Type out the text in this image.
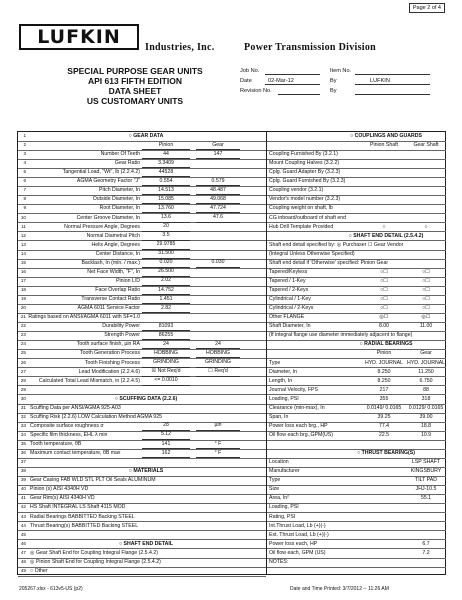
Page 2 of 4
LUFKIN Industries, Inc.	Power Transmission Division
SPECIAL PURPOSE GEAR UNITS
API 613 FIFTH EDITION
DATA SHEET
US CUSTOMARY UNITS
Job No.	Item No.
Date	02-Mar-12	By	LUFKIN
Revision No.	By
1	○ GEAR DATA
2	Pinion	Gear
3	Number Of Teeth	44	147
4	Gear Ratio	3.3409
5	Tangential Load, "Wt", lb (2.2.4.2)	44528
6	AGMA Geometry Factor "J"	0.554	0.579
7	Pitch Diameter, In	14.513	48.487
8	Outside Diameter, In	15.085	49.068
9	Root Diameter, In	13.760	47.724
10	Center Groove Diameter, In	13.6	47.6
11	Normal Pressure Angle, Degrees	20
12	Normal Diametral Pitch	3.5
13	Helix Angle, Degrees	29.9785
14	Center Distance, In	31.500
15	Backlash, In (min. / max.)	0.020	0.030
16	Net Face Width, "F", In	26.500
17	Pinion L/D	2.02
18	Face Overlap Ratio	14.752
19	Transverse Contact Ratio	1.451
20	AGMA 6011 Service Factor	2.82
21 Ratings based on ANSI/AGMA 6011 with SF=1.0
22	Durability Power	81093
23	Strength Power	86255
24	Tooth surface finish, µin RA	24	24
25	Tooth Generation Process	HOBBING	HOBBING
26	Tooth Finishing Process	GRINDING	GRINDING
27	Lead Modification (2.2.4.6)	☒ Not Req'd	☐ Req'd
28	Calculated Total Lead Mismatch, in (2.2.4.5)	<= 0.0010
29
30	○ SCUFFING DATA (2.2.6)
31 Scuffing Data per ANSI/AGMA 925-A03
32 Scuffing Risk (2.2.6) LOW Calculation Method AGMA 925
33 Composite surface roughness σ	28	µin
34 Specific film thickness, EHL λ min	5.12
35 Tooth temperature, θB	141	° F
36 Maximum contact temperature, θB max	162	° F
37
38	○ MATERIALS
39 Gear Casing FAB WLD STL PLT Oil Seals ALUMINUM
40 Pinion (s) AISI 4340H VD
41 Gear Rim(s) AISI 4340H VD
42 HS Shaft INTEGRAL LS Shaft 4115 MOD
43 Radial Bearings BABBITTED Backing STEEL
44 Thrust Bearing(s) BABBITTED Backing STEEL
45
46	○ SHAFT END DETAIL
47 ◎ Gear Shaft End for Coupling Integral Flange (2.5.4.2)
48 ◎ Pinion Shaft End for Coupling Integral Flange (2.5.4.2)
49 ○ Other
○ COUPLINGS AND GUARDS
Pinion Shaft	Gear Shaft
Coupling Furnished By (3.2.1)
Mount Coupling Halves (3.2.2)
Cplg. Guard Adapter By (3.2.3)
Cplg. Guard Furnished By (3.2.3)
Coupling vendor (3.2.1)
Vendor's model number (3.2.3)
Coupling weight on shaft, lb
CG inboard/outboard of shaft end
Hub Drill Template Provided	○	○
○ SHAFT END DETAIL (2.5.4.2)
Shaft end detail specified by: ◎ Purchaser ☐ Gear Vendor
(Integral Unless Otherwise Specified)
Shaft end detail if 'Otherwise' specified: Pinion Gear
Tapered/Keyless	○☐	○☐
Tapered / 1-Key	○☐	○☐
Tapered / 2-Keys	○☐	○☐
Cylindrical / 1-Key	○☐	○☐
Cylindrical / 2-Keys	○☐	○☐
Other FLANGE	◎☐	◎☐
Shaft Diameter, In	8.00	11.00
(If integral flange use diameter immediately adjacent to flange)
○ RADIAL BEARINGS
Pinion	Gear
Type	HYD. JOURNAL HYD. JOURNAL
Diameter, In	8.250	11.250
Length, In	8.250	6.750
Journal Velocity, FPS	217	88
Loading, PSI	355	318
Clearance (min-max), In	0.0149/ 0.0165	0.0129/ 0.0165
Span, In	39.25	39.00
Power loss each brg., HP	77.4	18.8
Oil flow each brg.,GPM(US)	22.5	10.9
○ THRUST BEARING(S)
Location	LSP SHAFT
Manufacturer	KINGSBURY
Type	TILT PAD
Size	JHJ-10.5
Area, In²	55.1
Loading, PSI
Rating, PSI
Int.Thrust Load, Lb (+)(-)
Ext. Thrust Load, Lb (+)(-)
Power loss each, HP	6.7
Oil flow each, GPM (US)	7.2
NOTES:
205267.xlsx - 613v5-US (p2)	Date and Time Printed: 3/7/2012 -- 11:26 AM
